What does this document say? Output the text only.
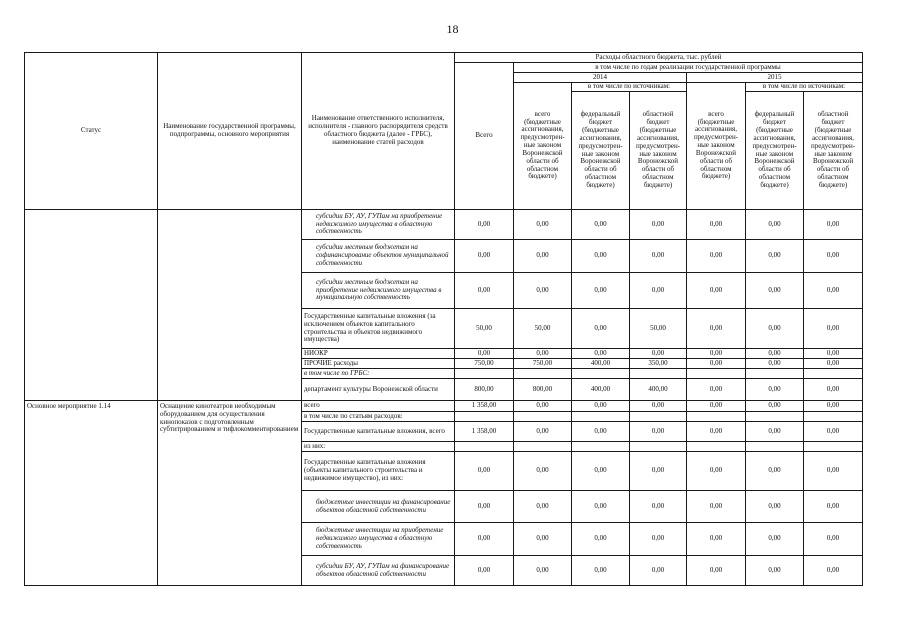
18
Статус	Наименование государственной программы, подпрограммы, основного мероприятия	Наименование ответственного исполнителя, исполнителя - главного распорядителя средств областного бюджета (далее - ГРБС), наименование статей расходов	Расходы областного бюджета, тыс. рублей						
			Всего	в том числе по годам реализации государственной программы					
				2014			2015		
				всего (бюджетные ассигнования, предусмотрен-ные законом Воронежской области об областном бюджете)	в том числе по источникам:		всего (бюджетные ассигнования, предусмотрен-ные законом Воронежской области об областном бюджете)	в том числе по источникам:	
					федеральный бюджет (бюджетные ассигнования, предусмотрен-ные законом Воронежской области об областном бюджете)	областной бюджет (бюджетные ассигнования, предусмотрен-ные законом Воронежской области об областном бюджете)		федеральный бюджет (бюджетные ассигнования, предусмотрен-ные законом Воронежской области об областном бюджете)	областной бюджет (бюджетные ассигнования, предусмотрен-ные законом Воронежской области об областном бюджете)
		субсидии БУ, АУ, ГУПам на приобретение недвижимого имущества в областную собственность	0,00	0,00	0,00	0,00	0,00	0,00	0,00
		субсидии местным бюджетам на софинансирование объектов муниципальной собственности	0,00	0,00	0,00	0,00	0,00	0,00	0,00
		субсидии местным бюджетам на приобретение недвижимого имущества в муниципальную собственность	0,00	0,00	0,00	0,00	0,00	0,00	0,00
		Государственные капитальные вложения (за исключением объектов капитального строительства и объектов недвижимого имущества)	50,00	50,00	0,00	50,00	0,00	0,00	0,00
		НИОКР	0,00	0,00	0,00	0,00	0,00	0,00	0,00
		ПРОЧИЕ расходы	750,00	750,00	400,00	350,00	0,00	0,00	0,00
		в том числе по ГРБС:							
		департамент культуры Воронежской области	800,00	800,00	400,00	400,00	0,00	0,00	0,00
Основное мероприятие 1.14	Оснащение кинотеатров необходимым оборудованием для осуществления кинопоказов с подготовленным субтитрированием и тифлокомментированием	всего	1 358,00	0,00	0,00	0,00	0,00	0,00	0,00
		в том числе по статьям расходов:							
		Государственные капитальные вложения, всего	1 358,00	0,00	0,00	0,00	0,00	0,00	0,00
		из них:							
		Государственные капитальные вложения (объекты капитального строительства и недвижимое имущество), из них:	0,00	0,00	0,00	0,00	0,00	0,00	0,00
		бюджетные инвестиции на финансирование объектов областной собственности	0,00	0,00	0,00	0,00	0,00	0,00	0,00
		бюджетные инвестиции на приобретение недвижимого имущества в областную собственность	0,00	0,00	0,00	0,00	0,00	0,00	0,00
		субсидии БУ, АУ, ГУПам на финансирование объектов областной собственности	0,00	0,00	0,00	0,00	0,00	0,00	0,00
